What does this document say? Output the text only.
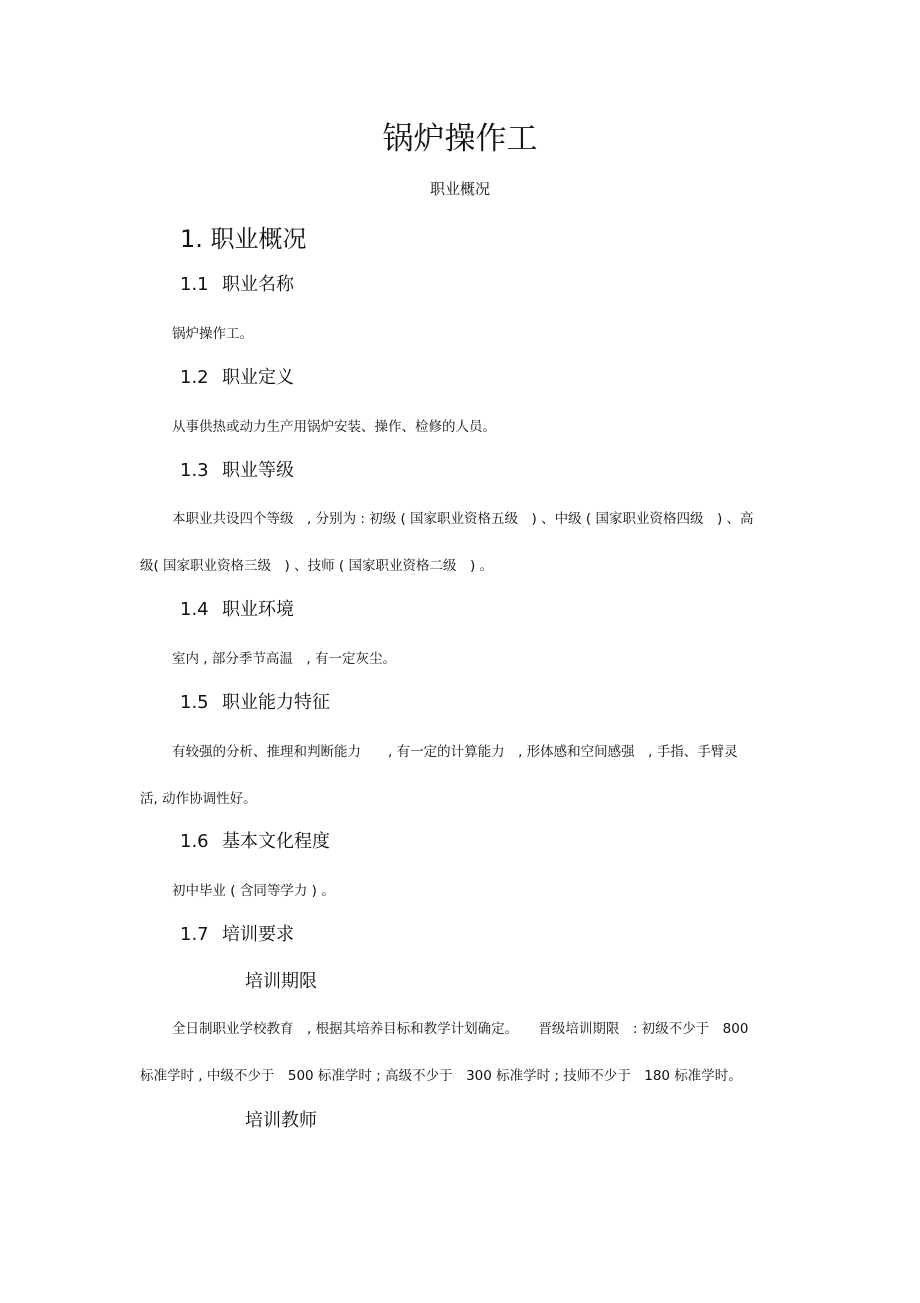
锅炉操作工
职业概况
1. 职业概况
1.1 职业名称

锅炉操作工。

1.2 职业定义

从事供热或动力生产用锅炉安装、操作、检修的人员。

1.3 职业等级

本职业共设四个等级　, 分别为 : 初级 ( 国家职业资格五级　) 、中级 ( 国家职业资格四级　) 、高
级( 国家职业资格三级　) 、技师 ( 国家职业资格二级　) 。

1.4 职业环境

室内 , 部分季节高温　, 有一定灰尘。

1.5 职业能力特征

有较强的分析、推理和判断能力　　, 有一定的计算能力　, 形体感和空间感强　, 手指、手臂灵
活, 动作协调性好。

1.6 基本文化程度

初中毕业 ( 含同等学力 ) 。

1.7 培训要求
培训期限

全日制职业学校教育　, 根据其培养目标和教学计划确定。　　晋级培训期限　: 初级不少于　800
标准学时 , 中级不少于　500 标准学时 ; 高级不少于　300 标准学时 ; 技师不少于　180 标准学时。

培训教师
